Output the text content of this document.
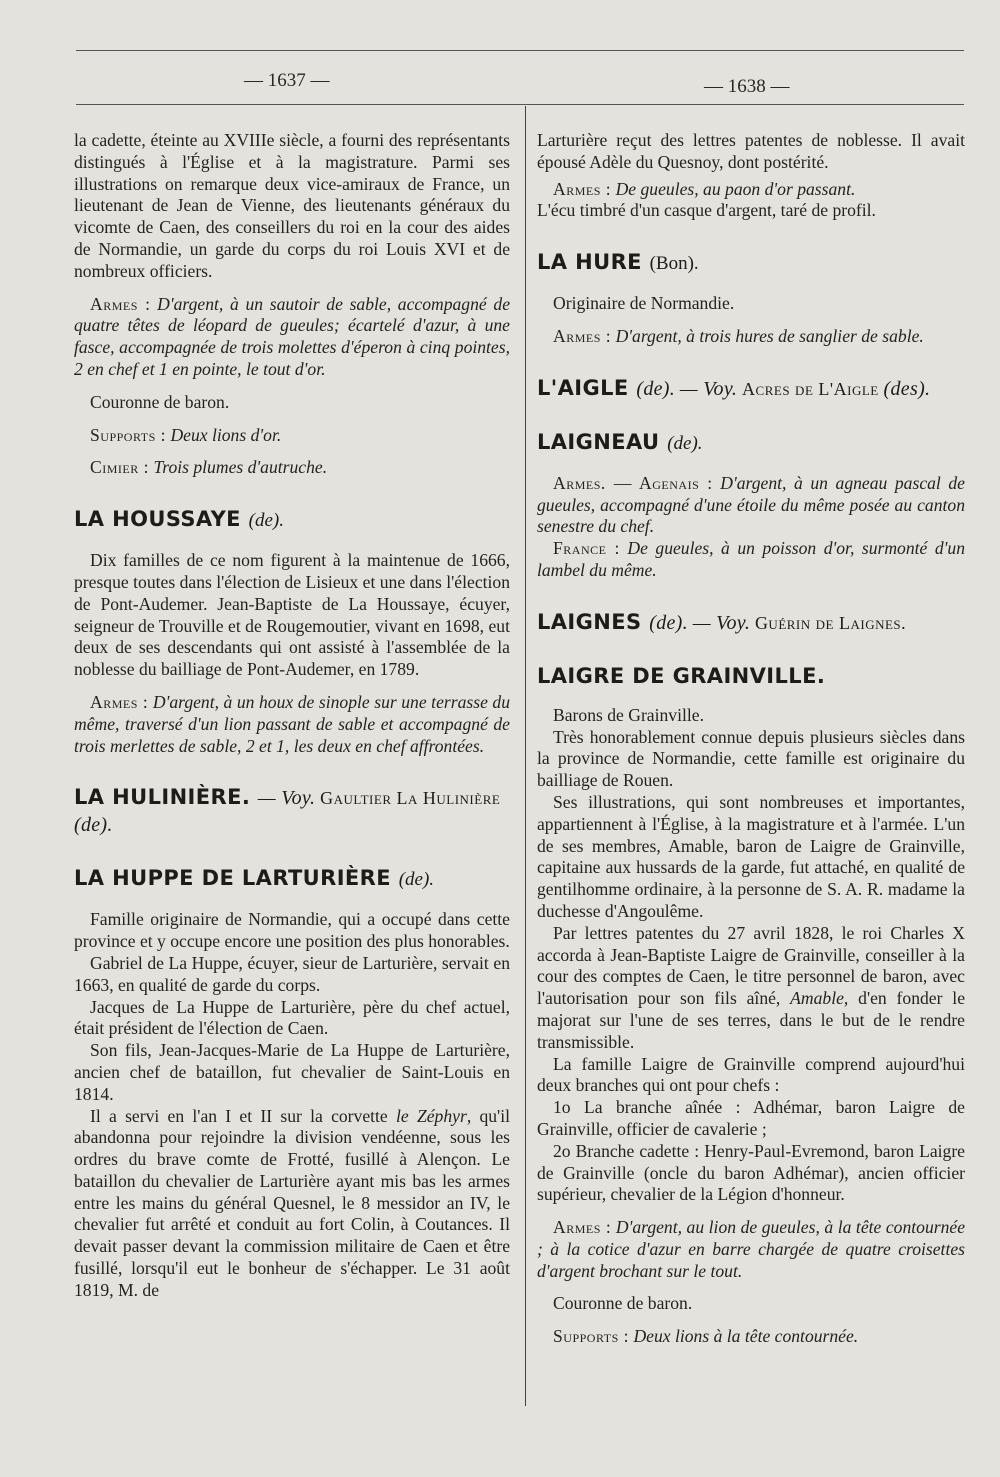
— 1637 —	— 1638 —

la cadette, éteinte au XVIIIe siècle, a fourni des représentants distingués à l'Église et à la magistrature. Parmi ses illustrations on remarque deux vice-amiraux de France, un lieutenant de Jean de Vienne, des lieutenants généraux du vicomte de Caen, des conseillers du roi en la cour des aides de Normandie, un garde du corps du roi Louis XVI et de nombreux officiers.

Armes : D'argent, à un sautoir de sable, accompagné de quatre têtes de léopard de gueules; écartelé d'azur, à une fasce, accompagnée de trois molettes d'éperon à cinq pointes, 2 en chef et 1 en pointe, le tout d'or.

Couronne de baron.

Supports : Deux lions d'or.

Cimier : Trois plumes d'autruche.

LA HOUSSAYE (de).

Dix familles de ce nom figurent à la maintenue de 1666, presque toutes dans l'élection de Lisieux et une dans l'élection de Pont-Audemer. Jean-Baptiste de La Houssaye, écuyer, seigneur de Trouville et de Rougemoutier, vivant en 1698, eut deux de ses descendants qui ont assisté à l'assemblée de la noblesse du bailliage de Pont-Audemer, en 1789.

Armes : D'argent, à un houx de sinople sur une terrasse du même, traversé d'un lion passant de sable et accompagné de trois merlettes de sable, 2 et 1, les deux en chef affrontées.

LA HULINIÈRE. — Voy. Gaultier La Hulinière (de).
LA HUPPE DE LARTURIÈRE (de).

Famille originaire de Normandie, qui a occupé dans cette province et y occupe encore une position des plus honorables.

Gabriel de La Huppe, écuyer, sieur de Larturière, servait en 1663, en qualité de garde du corps.

Jacques de La Huppe de Larturière, père du chef actuel, était président de l'élection de Caen.

Son fils, Jean-Jacques-Marie de La Huppe de Larturière, ancien chef de bataillon, fut chevalier de Saint-Louis en 1814.

Il a servi en l'an I et II sur la corvette le Zéphyr, qu'il abandonna pour rejoindre la division vendéenne, sous les ordres du brave comte de Frotté, fusillé à Alençon. Le bataillon du chevalier de Larturière ayant mis bas les armes entre les mains du général Quesnel, le 8 messidor an IV, le chevalier fut arrêté et conduit au fort Colin, à Coutances. Il devait passer devant la commission militaire de Caen et être fusillé, lorsqu'il eut le bonheur de s'échapper. Le 31 août 1819, M. de

Larturière reçut des lettres patentes de noblesse. Il avait épousé Adèle du Quesnoy, dont postérité.

Armes : De gueules, au paon d'or passant.

L'écu timbré d'un casque d'argent, taré de profil.

LA HURE (Bon).

Originaire de Normandie.

Armes : D'argent, à trois hures de sanglier de sable.

L'AIGLE (de). — Voy. Acres de L'Aigle (des).
LAIGNEAU (de).

Armes. — Agenais : D'argent, à un agneau pascal de gueules, accompagné d'une étoile du même posée au canton senestre du chef.

France : De gueules, à un poisson d'or, surmonté d'un lambel du même.

LAIGNES (de). — Voy. Guérin de Laignes.
LAIGRE DE GRAINVILLE.

Barons de Grainville.

Très honorablement connue depuis plusieurs siècles dans la province de Normandie, cette famille est originaire du bailliage de Rouen.

Ses illustrations, qui sont nombreuses et importantes, appartiennent à l'Église, à la magistrature et à l'armée. L'un de ses membres, Amable, baron de Laigre de Grainville, capitaine aux hussards de la garde, fut attaché, en qualité de gentilhomme ordinaire, à la personne de S. A. R. madame la duchesse d'Angoulême.

Par lettres patentes du 27 avril 1828, le roi Charles X accorda à Jean-Baptiste Laigre de Grainville, conseiller à la cour des comptes de Caen, le titre personnel de baron, avec l'autorisation pour son fils aîné, Amable, d'en fonder le majorat sur l'une de ses terres, dans le but de le rendre transmissible.

La famille Laigre de Grainville comprend aujourd'hui deux branches qui ont pour chefs :

1o La branche aînée : Adhémar, baron Laigre de Grainville, officier de cavalerie ;

2o Branche cadette : Henry-Paul-Evremond, baron Laigre de Grainville (oncle du baron Adhémar), ancien officier supérieur, chevalier de la Légion d'honneur.

Armes : D'argent, au lion de gueules, à la tête contournée ; à la cotice d'azur en barre chargée de quatre croisettes d'argent brochant sur le tout.

Couronne de baron.

Supports : Deux lions à la tête contournée.
